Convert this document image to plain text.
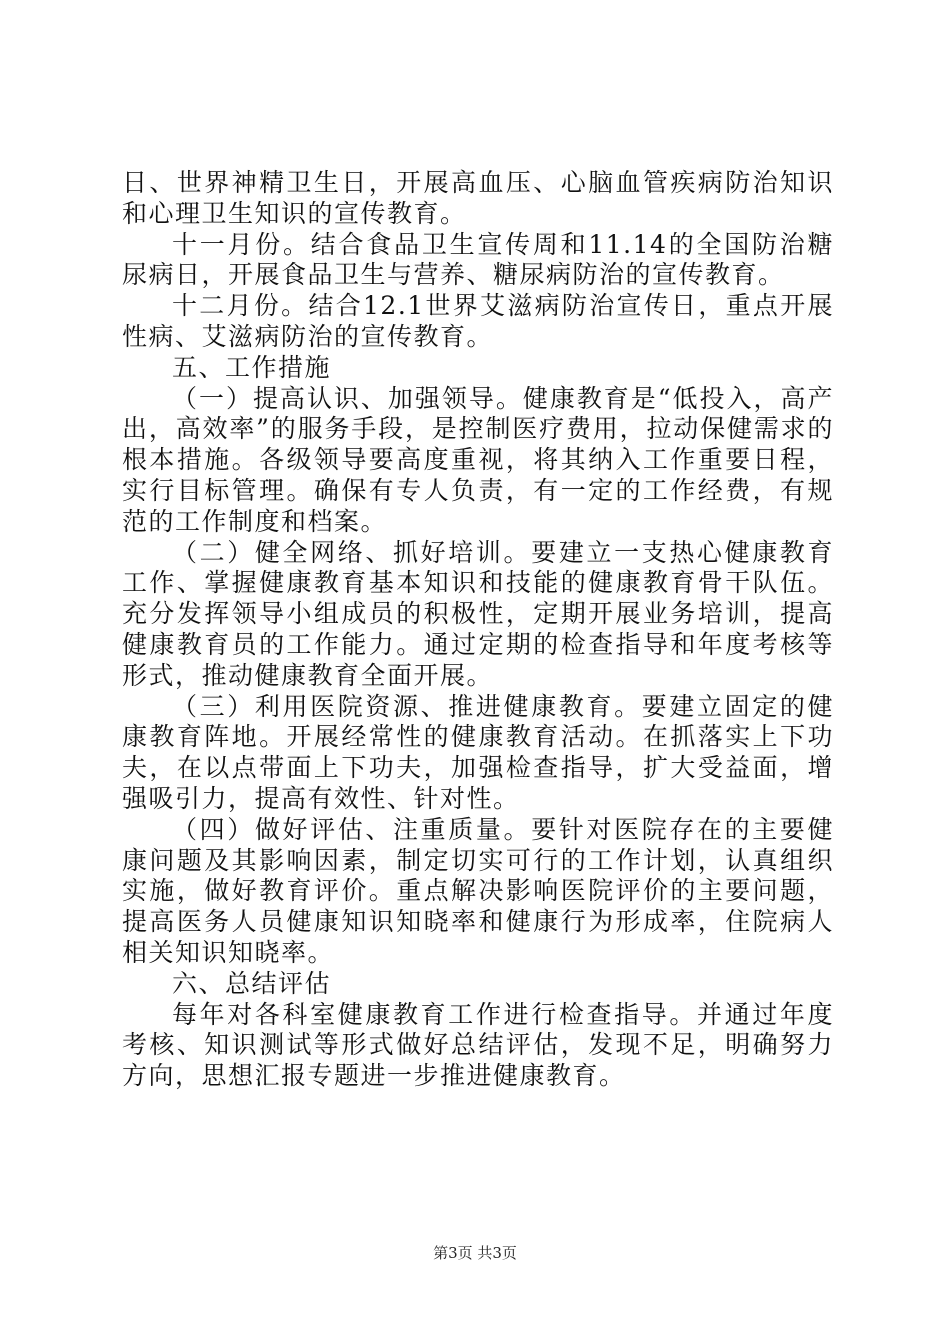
日、世界神精卫生日，开展高血压、心脑血管疾病防治知识和心理卫生知识的宣传教育。

十一月份。结合食品卫生宣传周和11.14的全国防治糖尿病日，开展食品卫生与营养、糖尿病防治的宣传教育。

十二月份。结合12.1世界艾滋病防治宣传日，重点开展性病、艾滋病防治的宣传教育。

五、工作措施

（一）提高认识、加强领导。健康教育是“低投入，高产出，高效率”的服务手段，是控制医疗费用，拉动保健需求的根本措施。各级领导要高度重视，将其纳入工作重要日程，实行目标管理。确保有专人负责，有一定的工作经费，有规范的工作制度和档案。

（二）健全网络、抓好培训。要建立一支热心健康教育工作、掌握健康教育基本知识和技能的健康教育骨干队伍。充分发挥领导小组成员的积极性，定期开展业务培训，提高健康教育员的工作能力。通过定期的检查指导和年度考核等形式，推动健康教育全面开展。

（三）利用医院资源、推进健康教育。要建立固定的健康教育阵地。开展经常性的健康教育活动。在抓落实上下功夫，在以点带面上下功夫，加强检查指导，扩大受益面，增强吸引力，提高有效性、针对性。

（四）做好评估、注重质量。要针对医院存在的主要健康问题及其影响因素，制定切实可行的工作计划，认真组织实施，做好教育评价。重点解决影响医院评价的主要问题，提高医务人员健康知识知晓率和健康行为形成率，住院病人相关知识知晓率。

六、总结评估

每年对各科室健康教育工作进行检查指导。并通过年度考核、知识测试等形式做好总结评估，发现不足，明确努力方向，思想汇报专题进一步推进健康教育。

第3页 共3页
